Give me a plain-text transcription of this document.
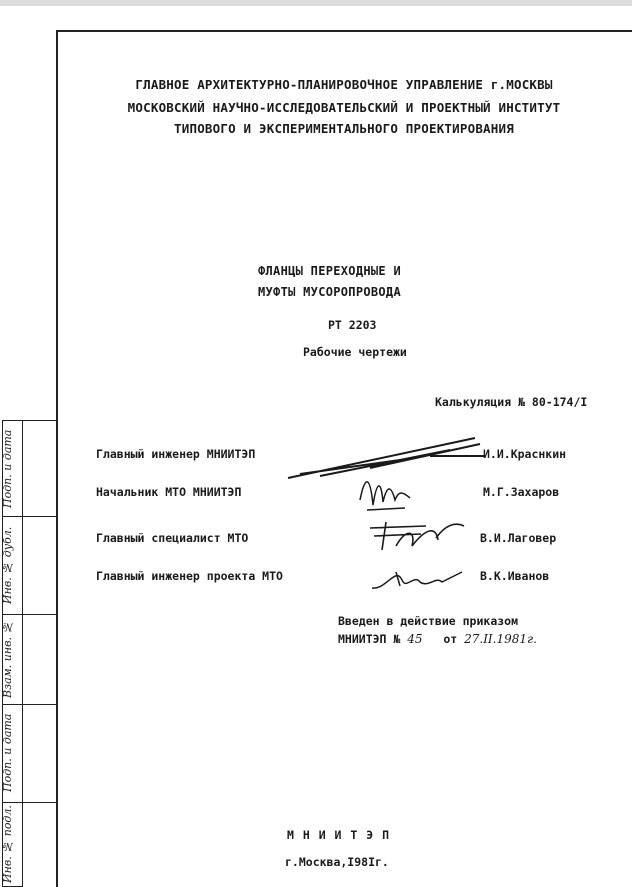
Подп. и дата
Инв. № дубл.
Взам. инв. №
Подп. и дата
Инв. № подл.
ГЛАВНОЕ АРХИТЕКТУРНО-ПЛАНИРОВОЧНОЕ УПРАВЛЕНИЕ г.МОСКВЫ
МОСКОВСКИЙ НАУЧНО-ИССЛЕДОВАТЕЛЬСКИЙ И ПРОЕКТНЫЙ ИНСТИТУТ
ТИПОВОГО И ЭКСПЕРИМЕНТАЛЬНОГО ПРОЕКТИРОВАНИЯ
ФЛАНЦЫ ПЕРЕХОДНЫЕ И
МУФТЫ МУСОРОПРОВОДА
РТ 2203
Рабочие чертежи
Калькуляция № 80-174/I
Главный инженер МНИИТЭП	И.И.Краснкин
Начальник МТО МНИИТЭП	М.Г.Захаров
Главный специалист МТО	В.И.Лаговер
Главный инженер проекта МТО	В.К.Иванов
Введен в действие приказом
МНИИТЭП № 45 от 27.II.1981г.
М Н И И Т Э П
г.Москва,I98Iг.
